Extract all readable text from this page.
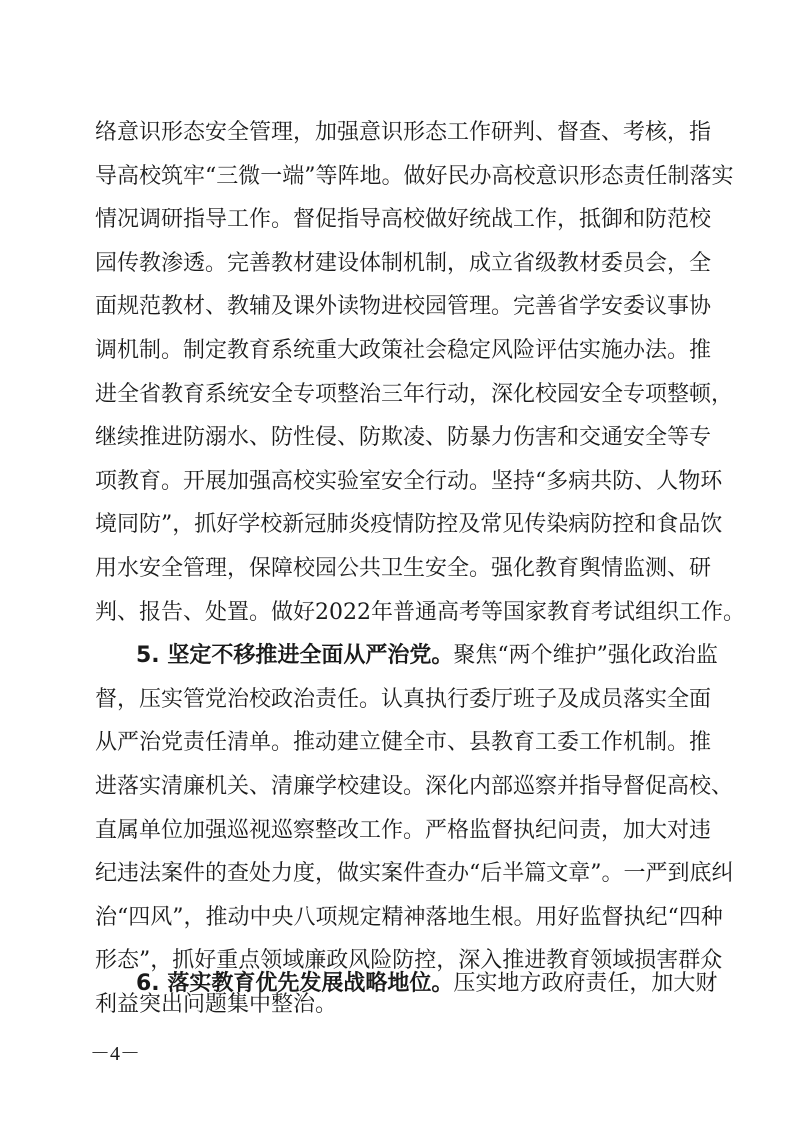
络意识形态安全管理，加强意识形态工作研判、督查、考核，指
导高校筑牢“三微一端”等阵地。做好民办高校意识形态责任制落实
情况调研指导工作。督促指导高校做好统战工作，抵御和防范校
园传教渗透。完善教材建设体制机制，成立省级教材委员会，全
面规范教材、教辅及课外读物进校园管理。完善省学安委议事协
调机制。制定教育系统重大政策社会稳定风险评估实施办法。推
进全省教育系统安全专项整治三年行动，深化校园安全专项整顿，
继续推进防溺水、防性侵、防欺凌、防暴力伤害和交通安全等专
项教育。开展加强高校实验室安全行动。坚持“多病共防、人物环
境同防”，抓好学校新冠肺炎疫情防控及常见传染病防控和食品饮
用水安全管理，保障校园公共卫生安全。强化教育舆情监测、研
判、报告、处置。做好2022年普通高考等国家教育考试组织工作。
5. 坚定不移推进全面从严治党。聚焦“两个维护”强化政治监
督，压实管党治校政治责任。认真执行委厅班子及成员落实全面
从严治党责任清单。推动建立健全市、县教育工委工作机制。推
进落实清廉机关、清廉学校建设。深化内部巡察并指导督促高校、
直属单位加强巡视巡察整改工作。严格监督执纪问责，加大对违
纪违法案件的查处力度，做实案件查办“后半篇文章”。一严到底纠
治“四风”，推动中央八项规定精神落地生根。用好监督执纪“四种
形态”，抓好重点领域廉政风险防控，深入推进教育领域损害群众
利益突出问题集中整治。
6. 落实教育优先发展战略地位。压实地方政府责任，加大财
－4－
